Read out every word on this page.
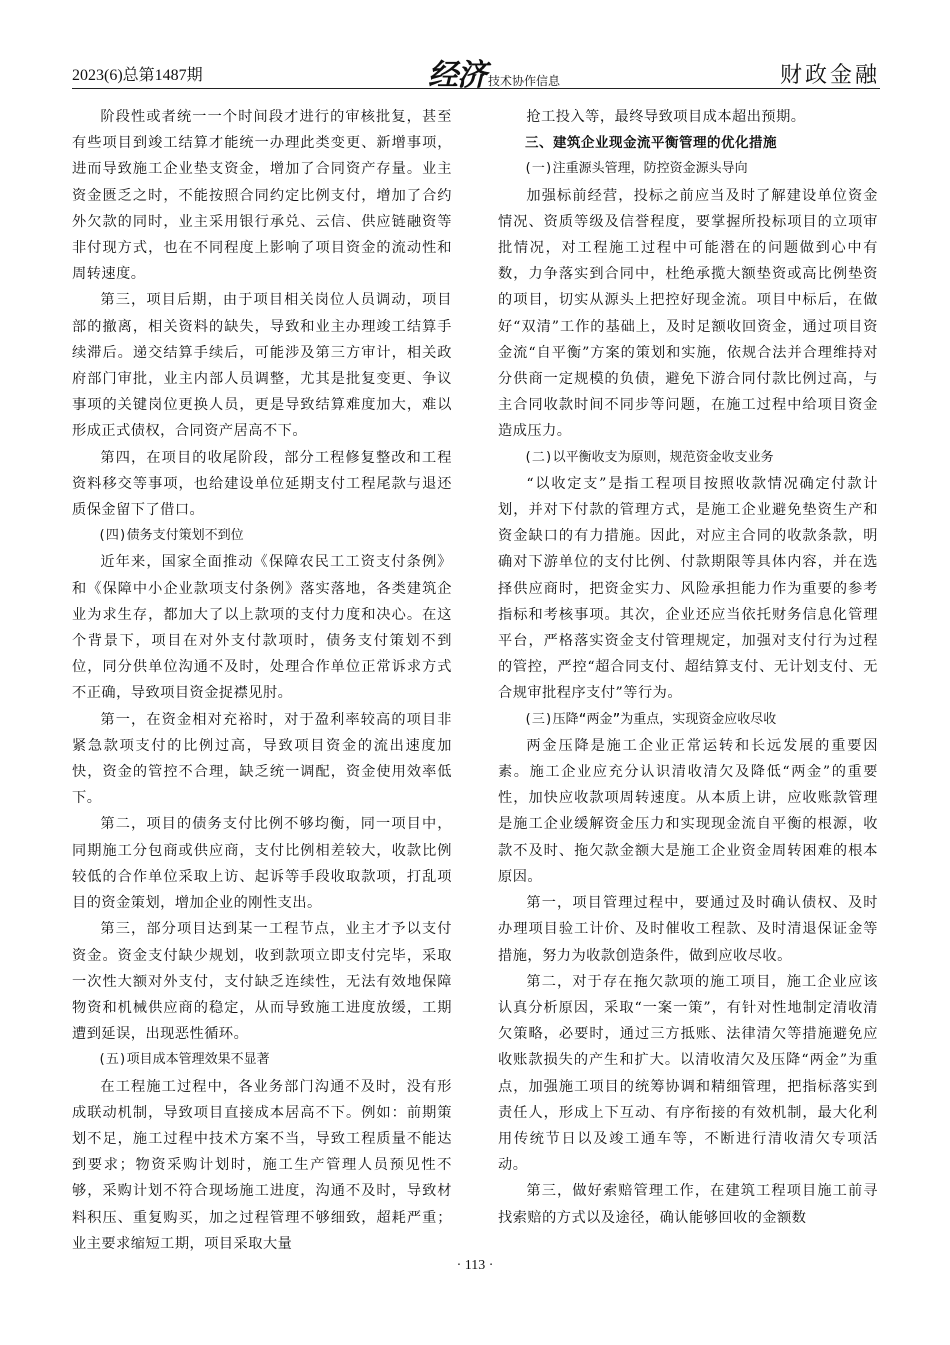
2023(6)总第1487期	经济 技术协作信息	财政金融

阶段性或者统一一个时间段才进行的审核批复，甚至有些项目到竣工结算才能统一办理此类变更、新增事项，进而导致施工企业垫支资金，增加了合同资产存量。业主资金匮乏之时，不能按照合同约定比例支付，增加了合约外欠款的同时，业主采用银行承兑、云信、供应链融资等非付现方式，也在不同程度上影响了项目资金的流动性和周转速度。

第三，项目后期，由于项目相关岗位人员调动，项目部的撤离，相关资料的缺失，导致和业主办理竣工结算手续滞后。递交结算手续后，可能涉及第三方审计，相关政府部门审批，业主内部人员调整，尤其是批复变更、争议事项的关键岗位更换人员，更是导致结算难度加大，难以形成正式债权，合同资产居高不下。

第四，在项目的收尾阶段，部分工程修复整改和工程资料移交等事项，也给建设单位延期支付工程尾款与退还质保金留下了借口。

(四)债务支付策划不到位

近年来，国家全面推动《保障农民工工资支付条例》和《保障中小企业款项支付条例》落实落地，各类建筑企业为求生存，都加大了以上款项的支付力度和决心。在这个背景下，项目在对外支付款项时，债务支付策划不到位，同分供单位沟通不及时，处理合作单位正常诉求方式不正确，导致项目资金捉襟见肘。

第一，在资金相对充裕时，对于盈利率较高的项目非紧急款项支付的比例过高，导致项目资金的流出速度加快，资金的管控不合理，缺乏统一调配，资金使用效率低下。

第二，项目的债务支付比例不够均衡，同一项目中，同期施工分包商或供应商，支付比例相差较大，收款比例较低的合作单位采取上访、起诉等手段收取款项，打乱项目的资金策划，增加企业的刚性支出。

第三，部分项目达到某一工程节点，业主才予以支付资金。资金支付缺少规划，收到款项立即支付完毕，采取一次性大额对外支付，支付缺乏连续性，无法有效地保障物资和机械供应商的稳定，从而导致施工进度放缓，工期遭到延误，出现恶性循环。

(五)项目成本管理效果不显著

在工程施工过程中，各业务部门沟通不及时，没有形成联动机制，导致项目直接成本居高不下。例如：前期策划不足，施工过程中技术方案不当，导致工程质量不能达到要求；物资采购计划时，施工生产管理人员预见性不够，采购计划不符合现场施工进度，沟通不及时，导致材料积压、重复购买，加之过程管理不够细致，超耗严重；业主要求缩短工期，项目采取大量

抢工投入等，最终导致项目成本超出预期。

三、建筑企业现金流平衡管理的优化措施

(一)注重源头管理，防控资金源头导向

加强标前经营，投标之前应当及时了解建设单位资金情况、资质等级及信誉程度，要掌握所投标项目的立项审批情况，对工程施工过程中可能潜在的问题做到心中有数，力争落实到合同中，杜绝承揽大额垫资或高比例垫资的项目，切实从源头上把控好现金流。项目中标后，在做好“双清”工作的基础上，及时足额收回资金，通过项目资金流“自平衡”方案的策划和实施，依规合法并合理维持对分供商一定规模的负债，避免下游合同付款比例过高，与主合同收款时间不同步等问题，在施工过程中给项目资金造成压力。

(二)以平衡收支为原则，规范资金收支业务

“以收定支”是指工程项目按照收款情况确定付款计划，并对下付款的管理方式，是施工企业避免垫资生产和资金缺口的有力措施。因此，对应主合同的收款条款，明确对下游单位的支付比例、付款期限等具体内容，并在选择供应商时，把资金实力、风险承担能力作为重要的参考指标和考核事项。其次，企业还应当依托财务信息化管理平台，严格落实资金支付管理规定，加强对支付行为过程的管控，严控“超合同支付、超结算支付、无计划支付、无合规审批程序支付”等行为。

(三)压降“两金”为重点，实现资金应收尽收

两金压降是施工企业正常运转和长远发展的重要因素。施工企业应充分认识清收清欠及降低“两金”的重要性，加快应收款项周转速度。从本质上讲，应收账款管理是施工企业缓解资金压力和实现现金流自平衡的根源，收款不及时、拖欠款金额大是施工企业资金周转困难的根本原因。

第一，项目管理过程中，要通过及时确认债权、及时办理项目验工计价、及时催收工程款、及时清退保证金等措施，努力为收款创造条件，做到应收尽收。

第二，对于存在拖欠款项的施工项目，施工企业应该认真分析原因，采取“一案一策”，有针对性地制定清收清欠策略，必要时，通过三方抵账、法律清欠等措施避免应收账款损失的产生和扩大。以清收清欠及压降“两金”为重点，加强施工项目的统筹协调和精细管理，把指标落实到责任人，形成上下互动、有序衔接的有效机制，最大化利用传统节日以及竣工通车等，不断进行清收清欠专项活动。

第三，做好索赔管理工作，在建筑工程项目施工前寻找索赔的方式以及途径，确认能够回收的金额数

· 113 ·
